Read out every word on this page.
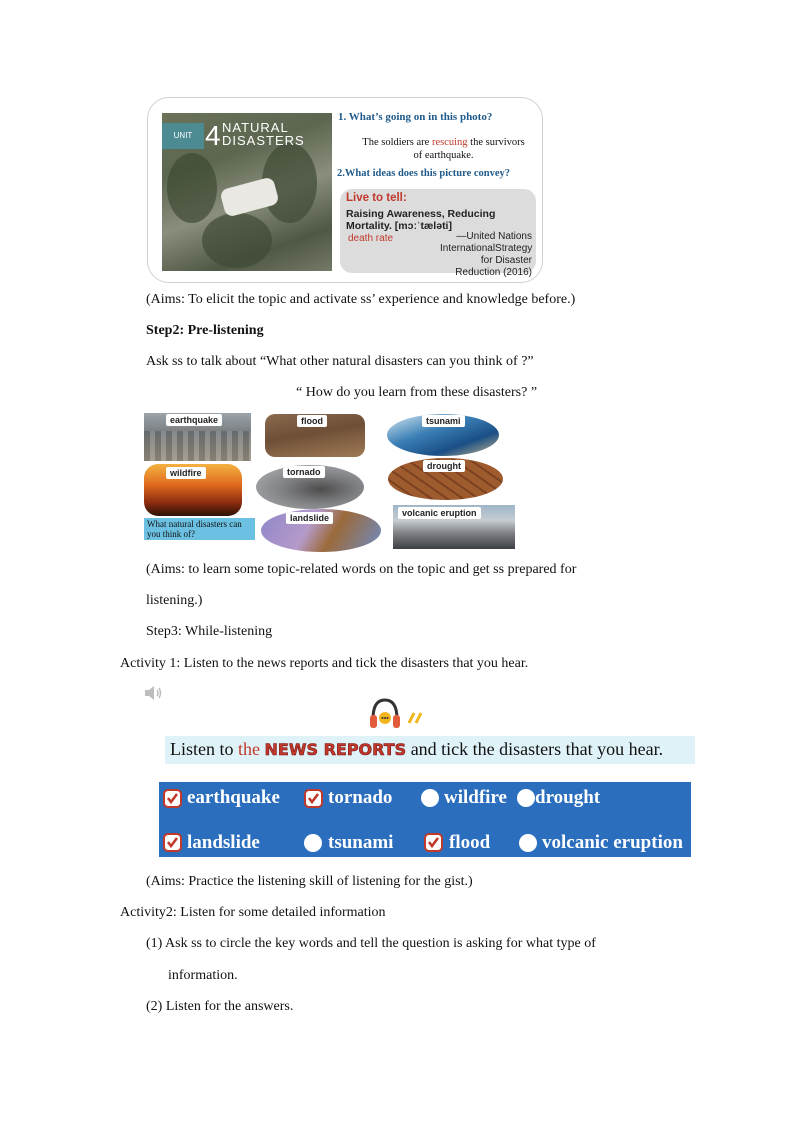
UNIT 4 NATURAL
DISASTERS
1. What’s going on in this photo?
The soldiers are rescuing the survivors
of earthquake.
2.What ideas does this picture convey?
Live to tell:
Raising Awareness, Reducing
Mortality. [mɔːˈtæləti]
death rate	—United Nations
InternationalStrategy
for Disaster Reduction (2016)
(Aims: To elicit the topic and activate ss’ experience and knowledge before.)
Step2: Pre-listening
Ask ss to talk about “What other natural disasters can you think of ?”
“ How do you learn from these disasters? ”
earthquake	flood	tsunami
wildfire	tornado
drought
What natural disasters can you think of?
landslide	volcanic eruption
(Aims: to learn some topic-related words on the topic and get ss prepared for
listening.)
Step3: While-listening
Activity 1: Listen to the news reports and tick the disasters that you hear.
Listen to the NEWS REPORTS and tick the disasters that you hear.
earthquake	tornado	wildfire drought
landslide	tsunami	flood	volcanic eruption
(Aims: Practice the listening skill of listening for the gist.)
Activity2: Listen for some detailed information
(1) Ask ss to circle the key words and tell the question is asking for what type of
information.
(2) Listen for the answers.
